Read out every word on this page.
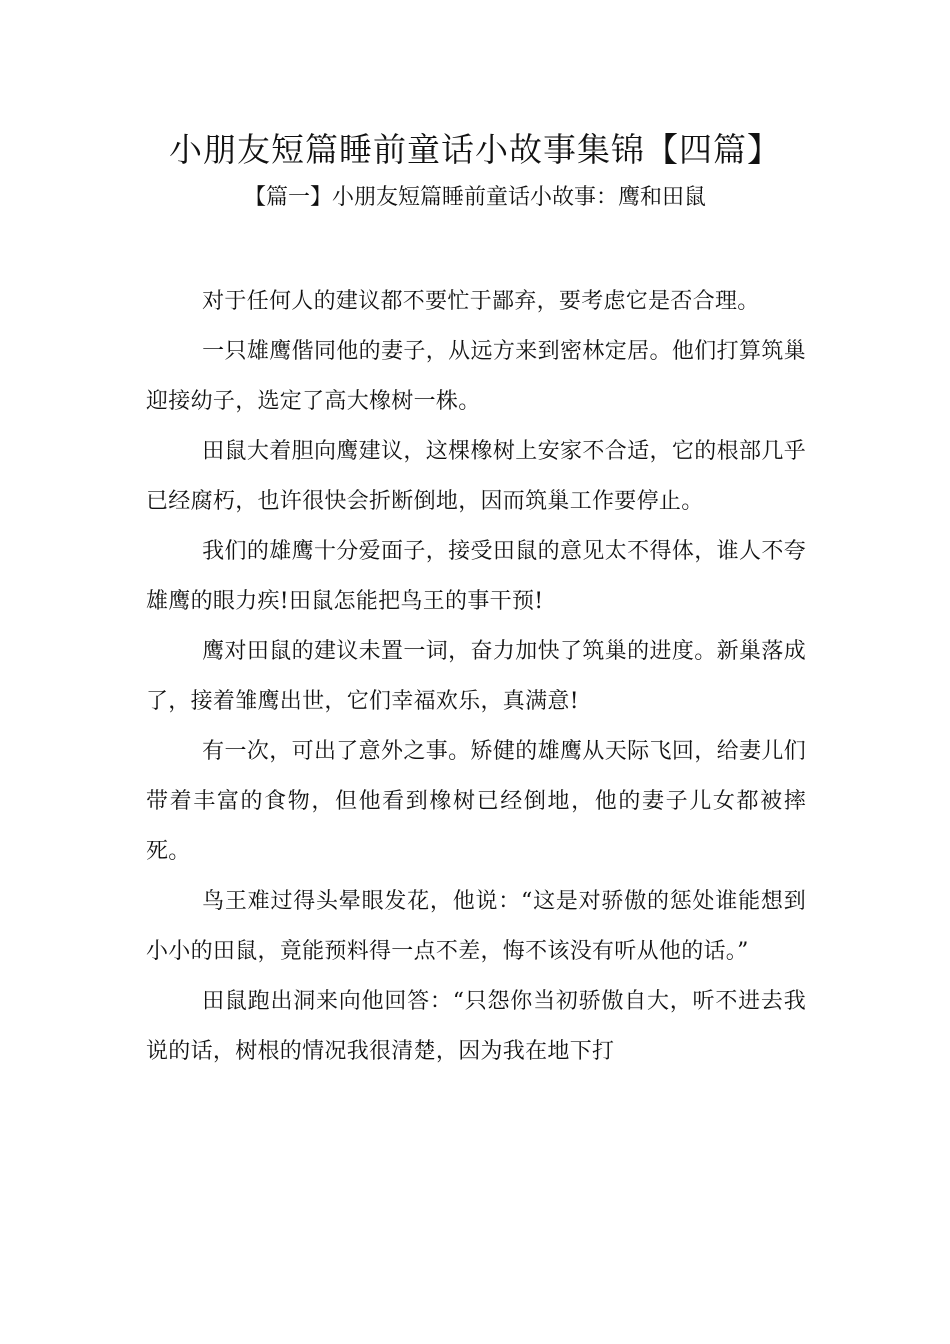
小朋友短篇睡前童话小故事集锦【四篇】
【篇一】小朋友短篇睡前童话小故事：鹰和田鼠

对于任何人的建议都不要忙于鄙弃，要考虑它是否合理。

一只雄鹰偕同他的妻子，从远方来到密林定居。他们打算筑巢迎接幼子，选定了高大橡树一株。

田鼠大着胆向鹰建议，这棵橡树上安家不合适，它的根部几乎已经腐朽，也许很快会折断倒地，因而筑巢工作要停止。

我们的雄鹰十分爱面子，接受田鼠的意见太不得体，谁人不夸雄鹰的眼力疾!田鼠怎能把鸟王的事干预!

鹰对田鼠的建议未置一词，奋力加快了筑巢的进度。新巢落成了，接着雏鹰出世，它们幸福欢乐，真满意!

有一次，可出了意外之事。矫健的雄鹰从天际飞回，给妻儿们带着丰富的食物，但他看到橡树已经倒地，他的妻子儿女都被摔死。

鸟王难过得头晕眼发花，他说：“这是对骄傲的惩处谁能想到小小的田鼠，竟能预料得一点不差，悔不该没有听从他的话。”

田鼠跑出洞来向他回答：“只怨你当初骄傲自大，听不进去我说的话，树根的情况我很清楚，因为我在地下打
